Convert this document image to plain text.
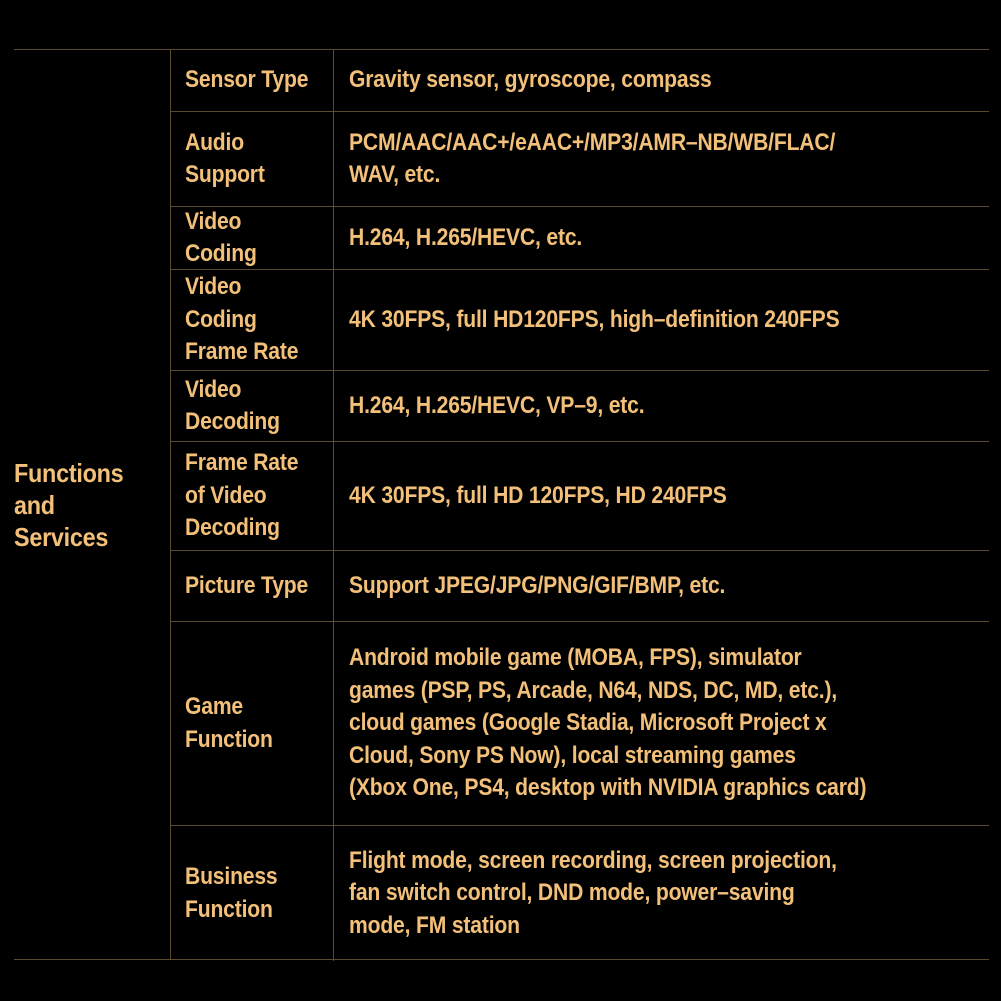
Functions
and Services
Sensor Type Gravity sensor, gyroscope, compass
Audio Support
PCM/AAC/AAC+/eAAC+/MP3/AMR–NB/WB/FLAC/
WAV, etc.
Video Coding
H.264, H.265/HEVC, etc.
Video Coding
Frame Rate
4K 30FPS, full HD120FPS, high–definition 240FPS
Video Decoding
H.264, H.265/HEVC, VP–9, etc.
Frame Rate of Video
Decoding
4K 30FPS, full HD 120FPS, HD 240FPS
Picture Type Support JPEG/JPG/PNG/GIF/BMP, etc.
Game Function
Android mobile game (MOBA, FPS), simulator
games (PSP, PS, Arcade, N64, NDS, DC, MD, etc.),
cloud games (Google Stadia, Microsoft Project x
Cloud, Sony PS Now), local streaming games
(Xbox One, PS4, desktop with NVIDIA graphics card)
Business Function
Flight mode, screen recording, screen projection,
fan switch control, DND mode, power–saving
mode, FM station
